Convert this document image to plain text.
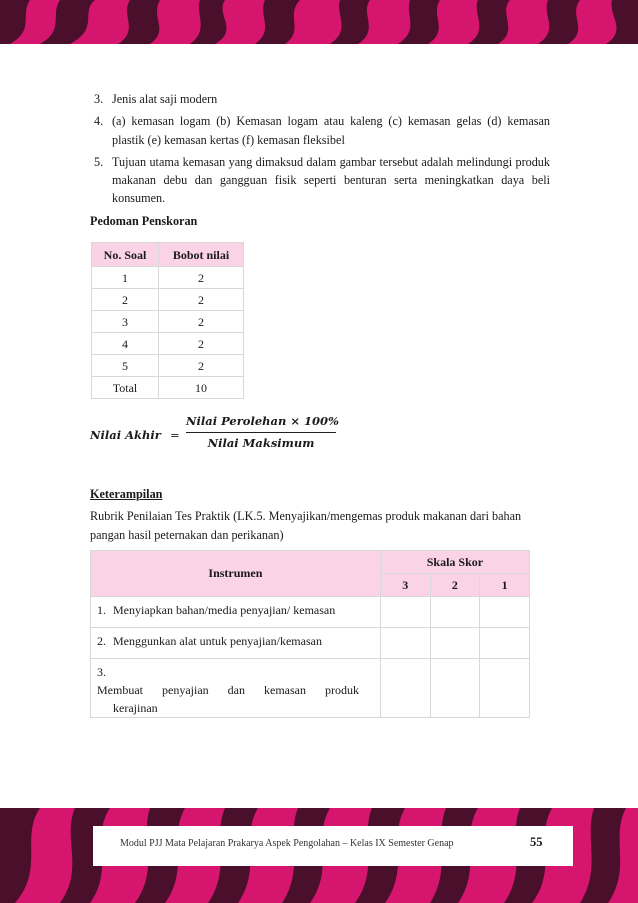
3. Jenis alat saji modern
4. (a) kemasan logam (b) Kemasan logam atau kaleng (c) kemasan gelas (d) kemasan plastik (e) kemasan kertas (f) kemasan fleksibel
5. Tujuan utama kemasan yang dimaksud dalam gambar tersebut adalah melindungi produk makanan debu dan gangguan fisik seperti benturan serta meningkatkan daya beli konsumen.
Pedoman Penskoran
No. Soal	Bobot nilai
1	2
2	2
3	2
4	2
5	2
Total	10
Nilai Akhir =
Nilai Perolehan × 100%
Nilai Maksimum
Keterampilan
Rubrik Penilaian Tes Praktik (LK.5. Menyajikan/mengemas produk makanan dari bahan pangan hasil peternakan dan perikanan)
Instrumen	Skala Skor		
	3	2	1
1. Menyiapkan bahan/media penyajian/ kemasan			
2. Menggunkan alat untuk penyajian/kemasan			
3.Membuat penyajian dan kemasan produk
kerajinan			
Modul PJJ Mata Pelajaran Prakarya Aspek Pengolahan – Kelas IX Semester Genap	55
